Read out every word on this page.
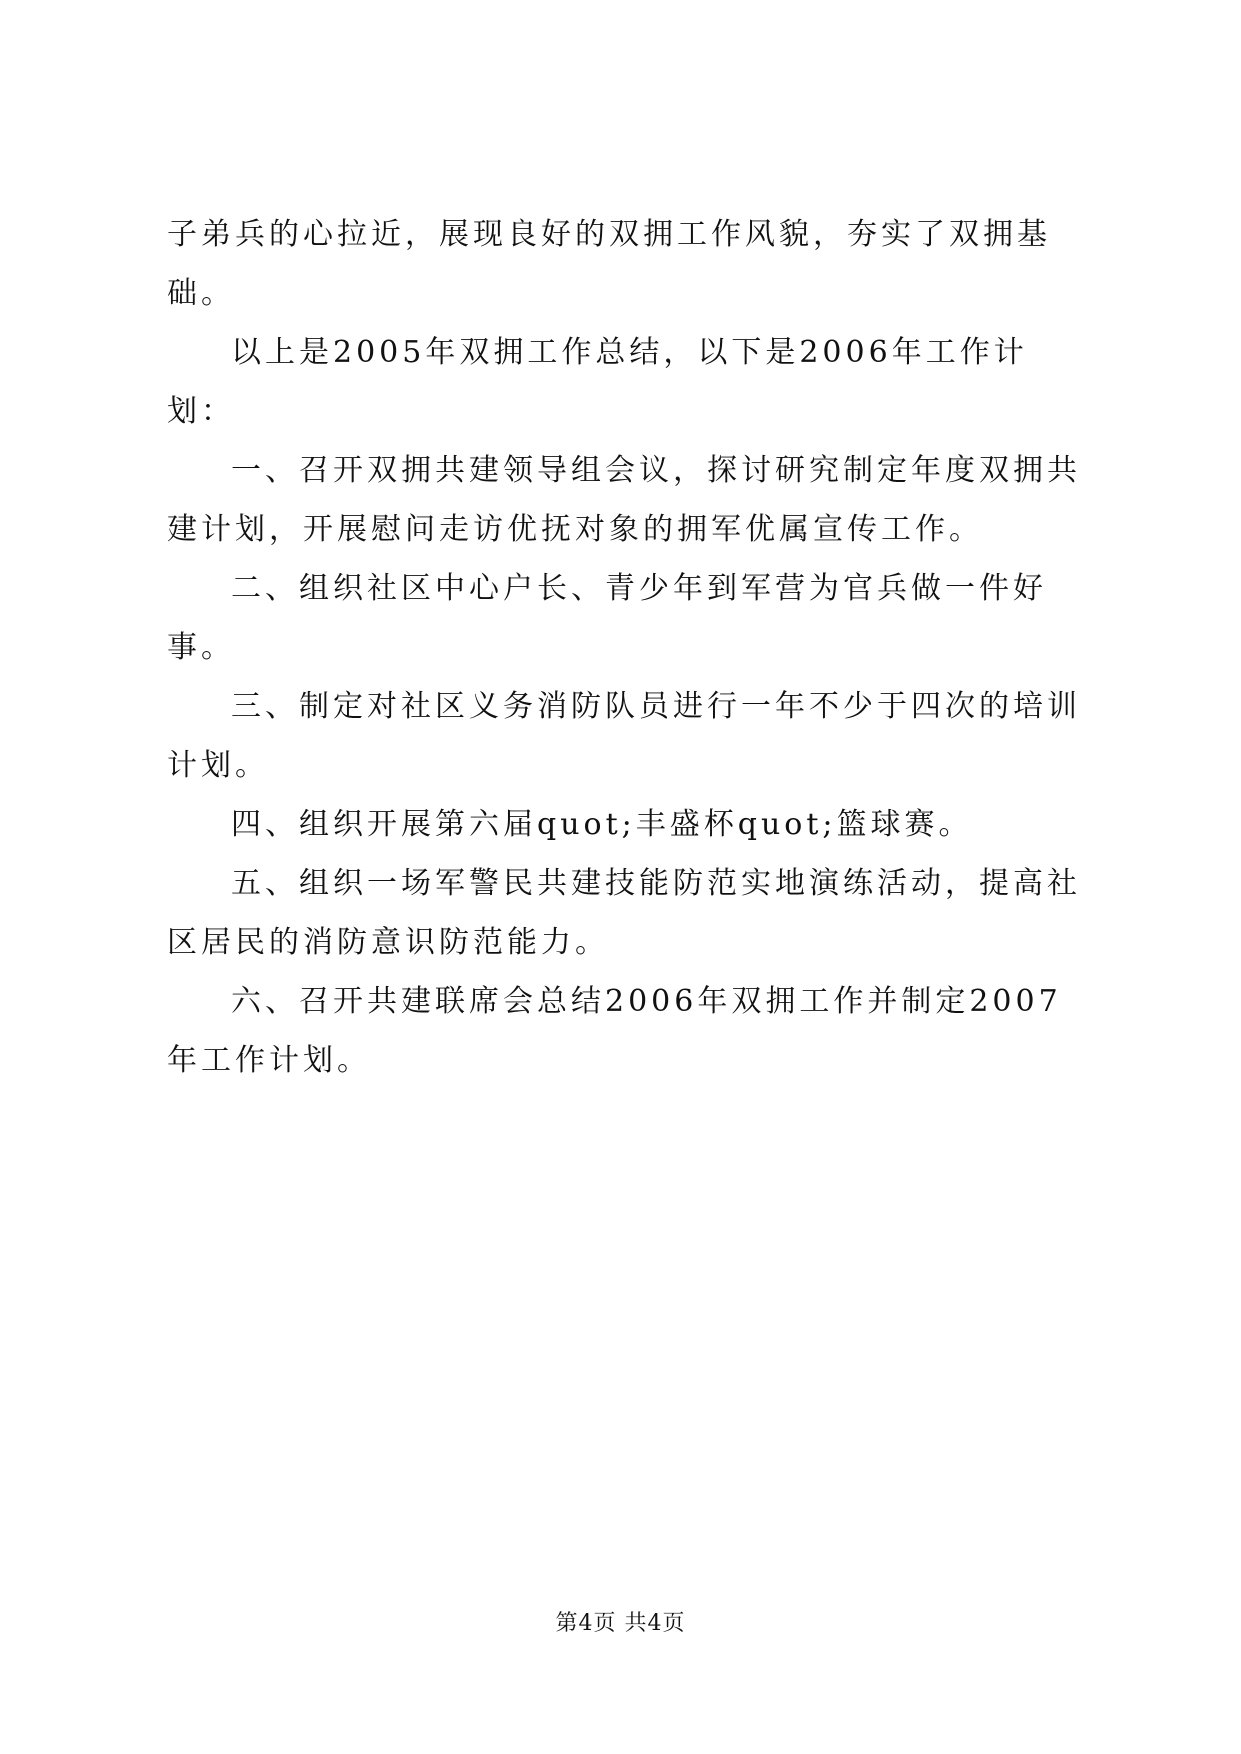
子弟兵的心拉近，展现良好的双拥工作风貌，夯实了双拥基础。

以上是2005年双拥工作总结，以下是2006年工作计划：

一、召开双拥共建领导组会议，探讨研究制定年度双拥共建计划，开展慰问走访优抚对象的拥军优属宣传工作。

二、组织社区中心户长、青少年到军营为官兵做一件好事。

三、制定对社区义务消防队员进行一年不少于四次的培训计划。

四、组织开展第六届quot;丰盛杯quot;篮球赛。

五、组织一场军警民共建技能防范实地演练活动，提高社区居民的消防意识防范能力。

六、召开共建联席会总结2006年双拥工作并制定2007年工作计划。

第4页 共4页
